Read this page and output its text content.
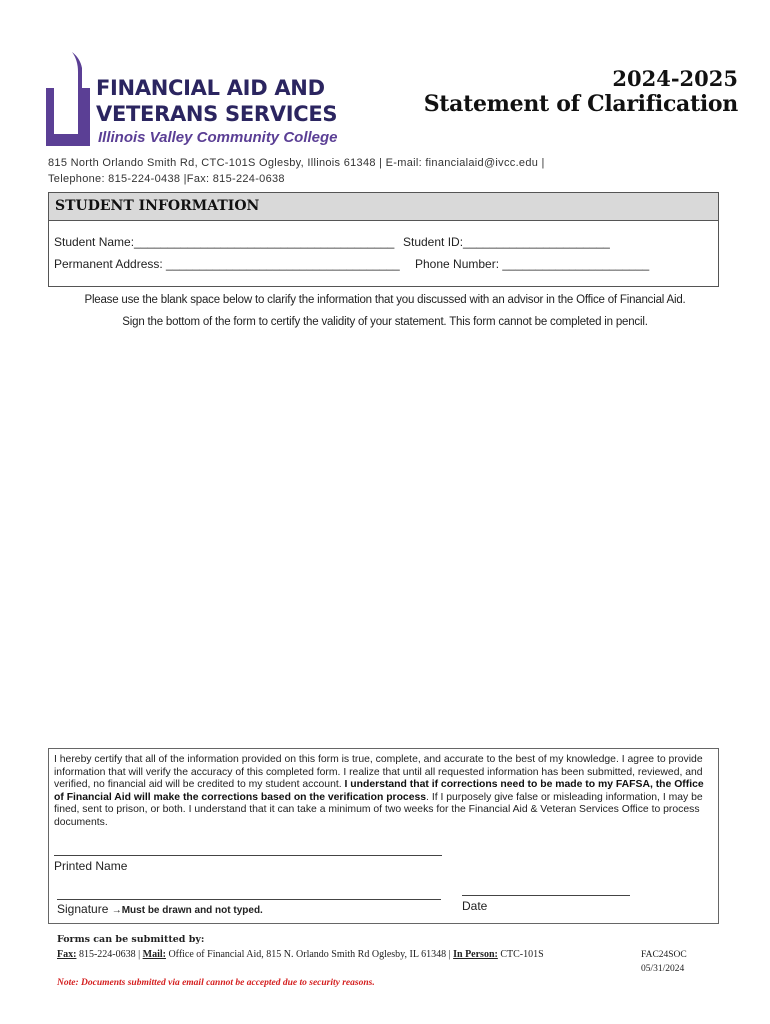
FINANCIAL AID AND
VETERANS SERVICES
Illinois Valley Community College
2024-2025
Statement of Clarification
815 North Orlando Smith Rd, CTC-101S Oglesby, Illinois 61348 | E-mail: financialaid@ivcc.edu |
Telephone: 815-224-0438 |Fax: 815-224-0638
STUDENT INFORMATION
Student Name:_______________________________________ Student ID:______________________
Permanent Address: ___________________________________ Phone Number: ______________________
Please use the blank space below to clarify the information that you discussed with an advisor in the Office of Financial Aid.
Sign the bottom of the form to certify the validity of your statement. This form cannot be completed in pencil.
I hereby certify that all of the information provided on this form is true, complete, and accurate to the best of my knowledge. I agree to provide information that will verify the accuracy of this completed form. I realize that until all requested information has been submitted, reviewed, and verified, no financial aid will be credited to my student account. I understand that if corrections need to be made to my FAFSA, the Office of Financial Aid will make the corrections based on the verification process. If I purposely give false or misleading information, I may be fined, sent to prison, or both. I understand that it can take a minimum of two weeks for the Financial Aid & Veteran Services Office to process documents.
Printed Name
Signature →Must be drawn and not typed.	Date
Forms can be submitted by:
Fax: 815-224-0638 | Mail: Office of Financial Aid, 815 N. Orlando Smith Rd Oglesby, IL 61348 | In Person: CTC-101S	FAC24SOC
05/31/2024
Note: Documents submitted via email cannot be accepted due to security reasons.
